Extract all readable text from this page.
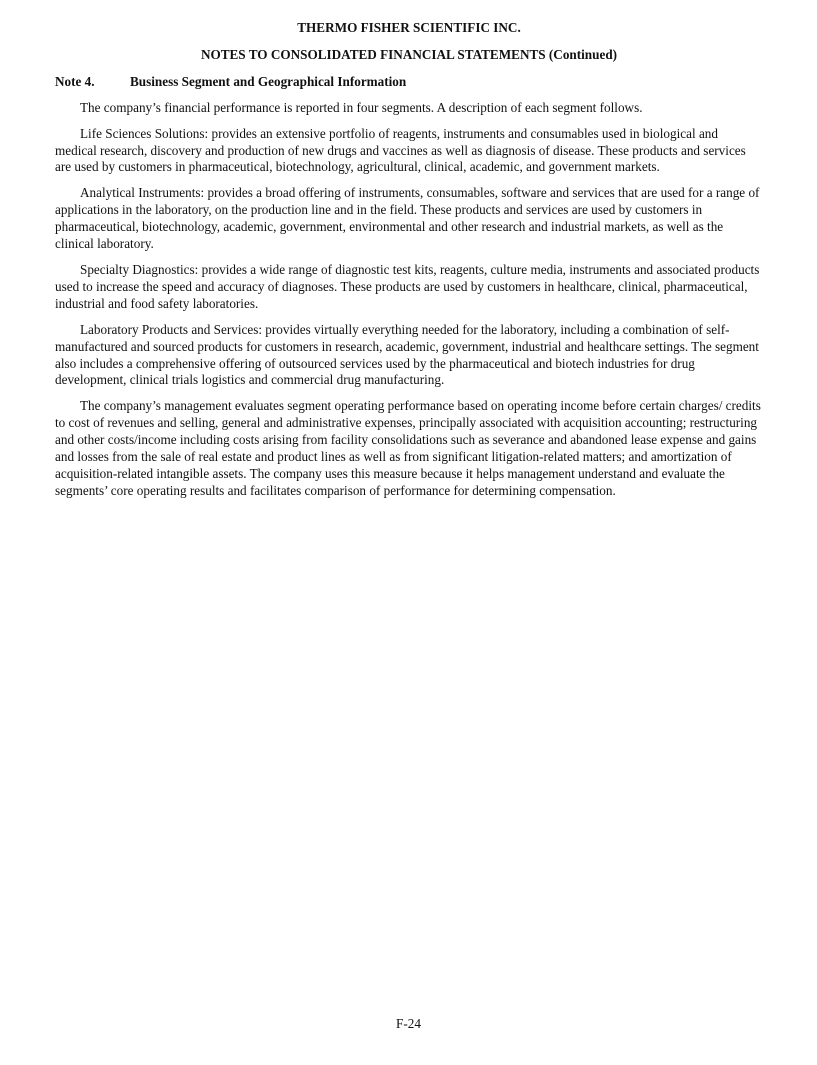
THERMO FISHER SCIENTIFIC INC.
NOTES TO CONSOLIDATED FINANCIAL STATEMENTS (Continued)
Note 4.	Business Segment and Geographical Information

The company’s financial performance is reported in four segments. A description of each segment follows.

Life Sciences Solutions: provides an extensive portfolio of reagents, instruments and consumables used in biological and medical research, discovery and production of new drugs and vaccines as well as diagnosis of disease. These products and services are used by customers in pharmaceutical, biotechnology, agricultural, clinical, academic, and government markets.

Analytical Instruments: provides a broad offering of instruments, consumables, software and services that are used for a range of applications in the laboratory, on the production line and in the field. These products and services are used by customers in pharmaceutical, biotechnology, academic, government, environmental and other research and industrial markets, as well as the clinical laboratory.

Specialty Diagnostics: provides a wide range of diagnostic test kits, reagents, culture media, instruments and associated products used to increase the speed and accuracy of diagnoses. These products are used by customers in healthcare, clinical, pharmaceutical, industrial and food safety laboratories.

Laboratory Products and Services: provides virtually everything needed for the laboratory, including a combination of self-manufactured and sourced products for customers in research, academic, government, industrial and healthcare settings. The segment also includes a comprehensive offering of outsourced services used by the pharmaceutical and biotech industries for drug development, clinical trials logistics and commercial drug manufacturing.

The company’s management evaluates segment operating performance based on operating income before certain charges/ credits to cost of revenues and selling, general and administrative expenses, principally associated with acquisition accounting; restructuring and other costs/income including costs arising from facility consolidations such as severance and abandoned lease expense and gains and losses from the sale of real estate and product lines as well as from significant litigation-related matters; and amortization of acquisition-related intangible assets. The company uses this measure because it helps management understand and evaluate the segments’ core operating results and facilitates comparison of performance for determining compensation.

F-24
